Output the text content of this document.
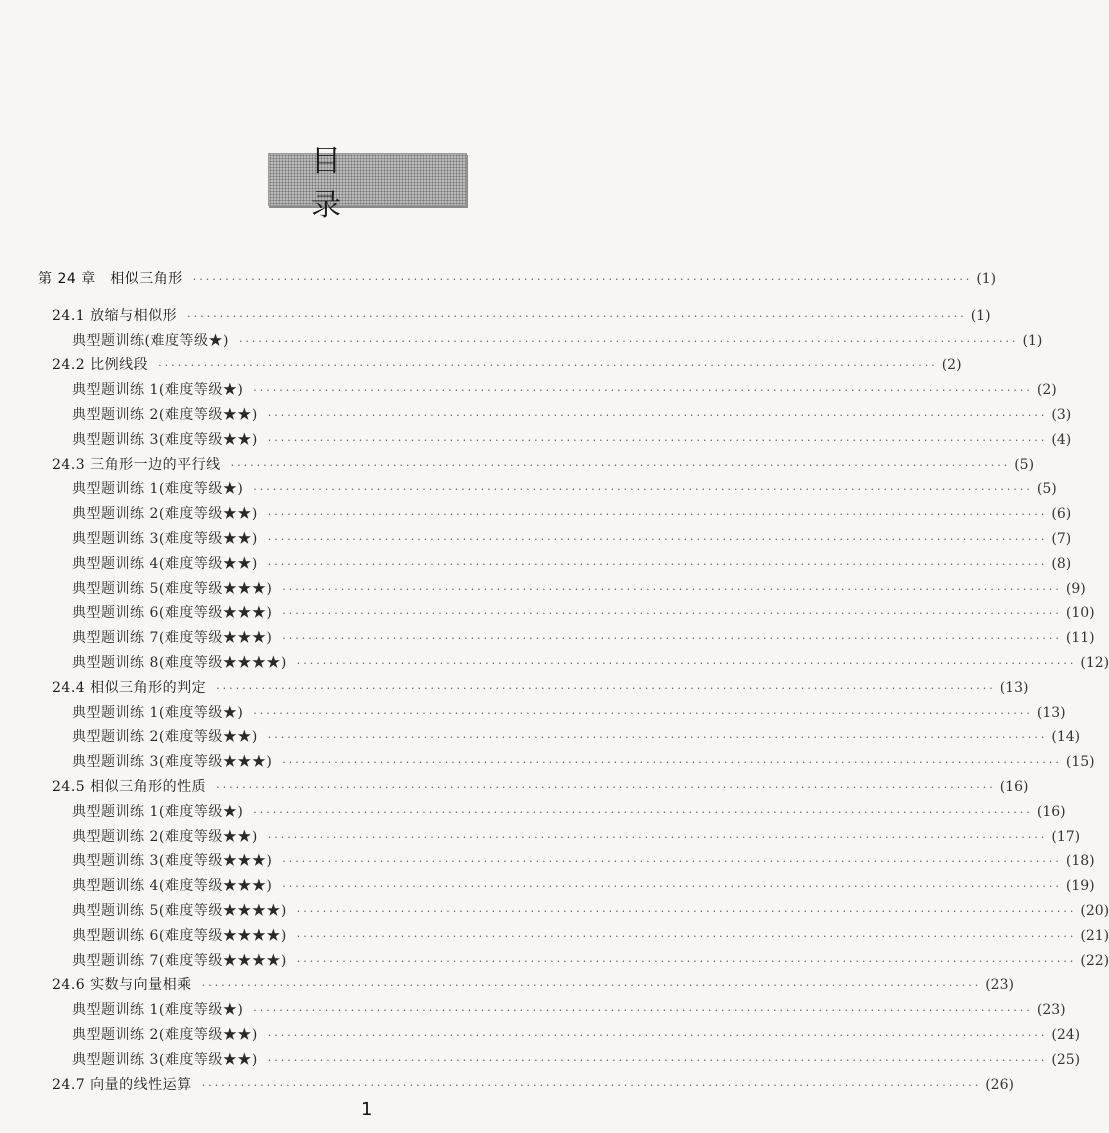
目 录
第 24 章　相似三角形 ························································································································ (1)
24.1 放缩与相似形 ························································································································ (1)
典型题训练(难度等级★) ························································································································ (1)
24.2 比例线段 ························································································································ (2)
典型题训练 1(难度等级★) ························································································································ (2)
典型题训练 2(难度等级★★) ························································································································ (3)
典型题训练 3(难度等级★★) ························································································································ (4)
24.3 三角形一边的平行线 ························································································································ (5)
典型题训练 1(难度等级★) ························································································································ (5)
典型题训练 2(难度等级★★) ························································································································ (6)
典型题训练 3(难度等级★★) ························································································································ (7)
典型题训练 4(难度等级★★) ························································································································ (8)
典型题训练 5(难度等级★★★) ························································································································ (9)
典型题训练 6(难度等级★★★) ························································································································ (10)
典型题训练 7(难度等级★★★) ························································································································ (11)
典型题训练 8(难度等级★★★★) ························································································································ (12)
24.4 相似三角形的判定 ························································································································ (13)
典型题训练 1(难度等级★) ························································································································ (13)
典型题训练 2(难度等级★★) ························································································································ (14)
典型题训练 3(难度等级★★★) ························································································································ (15)
24.5 相似三角形的性质 ························································································································ (16)
典型题训练 1(难度等级★) ························································································································ (16)
典型题训练 2(难度等级★★) ························································································································ (17)
典型题训练 3(难度等级★★★) ························································································································ (18)
典型题训练 4(难度等级★★★) ························································································································ (19)
典型题训练 5(难度等级★★★★) ························································································································ (20)
典型题训练 6(难度等级★★★★) ························································································································ (21)
典型题训练 7(难度等级★★★★) ························································································································ (22)
24.6 实数与向量相乘 ························································································································ (23)
典型题训练 1(难度等级★) ························································································································ (23)
典型题训练 2(难度等级★★) ························································································································ (24)
典型题训练 3(难度等级★★) ························································································································ (25)
24.7 向量的线性运算 ························································································································ (26)
1
